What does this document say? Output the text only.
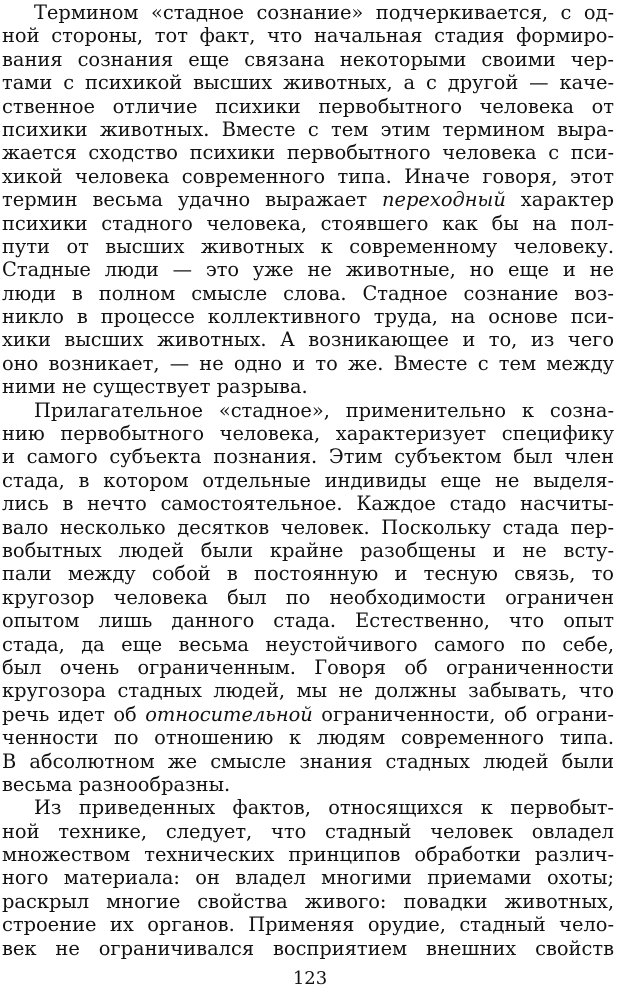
Термином «стадное сознание» подчеркивается, с од-
ной стороны, тот факт, что начальная стадия формиро-
вания сознания еще связана некоторыми своими чер-
тами с психикой высших животных, а с другой — каче-
ственное отличие психики первобытного человека от
психики животных. Вместе с тем этим термином выра-
жается сходство психики первобытного человека с пси-
хикой человека современного типа. Иначе говоря, этот
термин весьма удачно выражает переходный характер
психики стадного человека, стоявшего как бы на пол-
пути от высших животных к современному человеку.
Стадные люди — это уже не животные, но еще и не
люди в полном смысле слова. Стадное сознание воз-
никло в процессе коллективного труда, на основе пси-
хики высших животных. А возникающее и то, из чего
оно возникает, — не одно и то же. Вместе с тем между
ними не существует разрыва.
Прилагательное «стадное», применительно к созна-
нию первобытного человека, характеризует специфику
и самого субъекта познания. Этим субъектом был член
стада, в котором отдельные индивиды еще не выделя-
лись в нечто самостоятельное. Каждое стадо насчиты-
вало несколько десятков человек. Поскольку стада пер-
вобытных людей были крайне разобщены и не всту-
пали между собой в постоянную и тесную связь, то
кругозор человека был по необходимости ограничен
опытом лишь данного стада. Естественно, что опыт
стада, да еще весьма неустойчивого самого по себе,
был очень ограниченным. Говоря об ограниченности
кругозора стадных людей, мы не должны забывать, что
речь идет об относительной ограниченности, об ограни-
ченности по отношению к людям современного типа.
В абсолютном же смысле знания стадных людей были
весьма разнообразны.
Из приведенных фактов, относящихся к первобыт-
ной технике, следует, что стадный человек овладел
множеством технических принципов обработки различ-
ного материала: он владел многими приемами охоты;
раскрыл многие свойства живого: повадки животных,
строение их органов. Применяя орудие, стадный чело-
век не ограничивался восприятием внешних свойств
123
